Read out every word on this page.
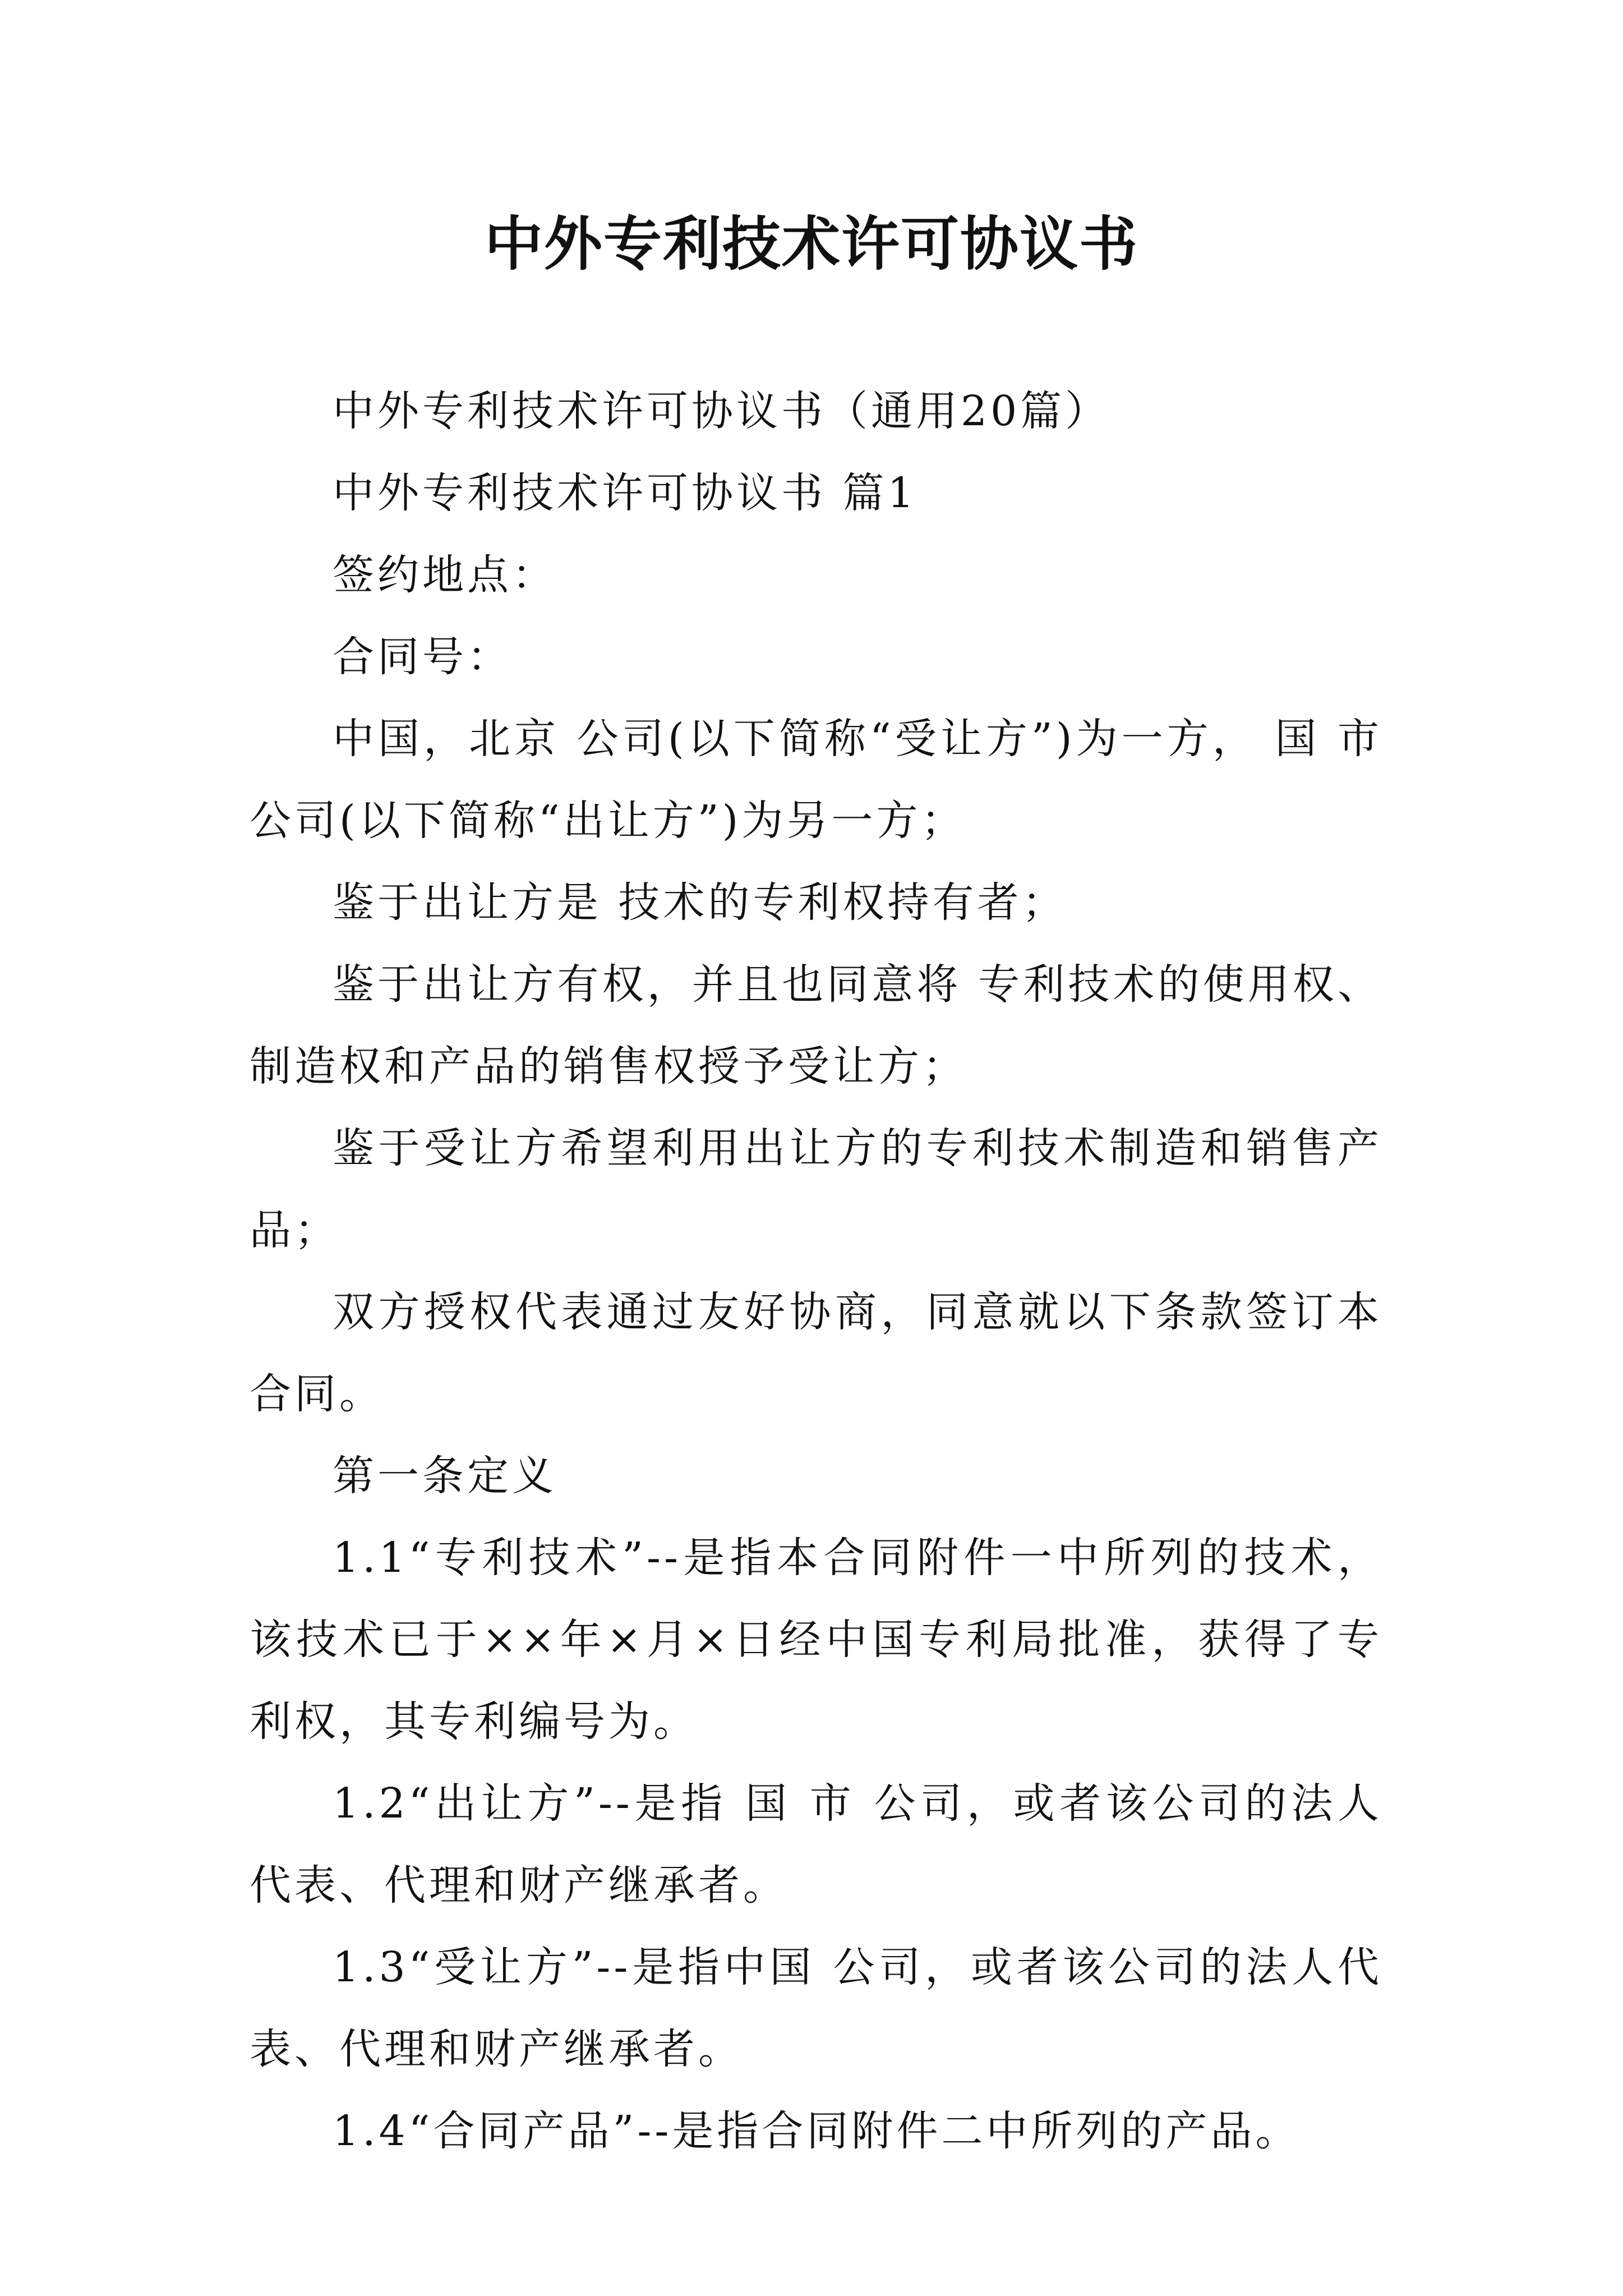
中外专利技术许可协议书

中外专利技术许可协议书（通用20篇）

中外专利技术许可协议书 篇1

签约地点：

合同号：

中国，北京 公司(以下简称“受让方”)为一方， 国 市 公司(以下简称“出让方”)为另一方；

鉴于出让方是 技术的专利权持有者；

鉴于出让方有权，并且也同意将 专利技术的使用权、制造权和产品的销售权授予受让方；

鉴于受让方希望利用出让方的专利技术制造和销售产品；

双方授权代表通过友好协商，同意就以下条款签订本合同。

第一条定义

1.1“专利技术”--是指本合同附件一中所列的技术，该技术已于××年×月×日经中国专利局批准，获得了专利权，其专利编号为。

1.2“出让方”--是指 国 市 公司，或者该公司的法人代表、代理和财产继承者。

1.3“受让方”--是指中国 公司，或者该公司的法人代表、代理和财产继承者。

1.4“合同产品”--是指合同附件二中所列的产品。
